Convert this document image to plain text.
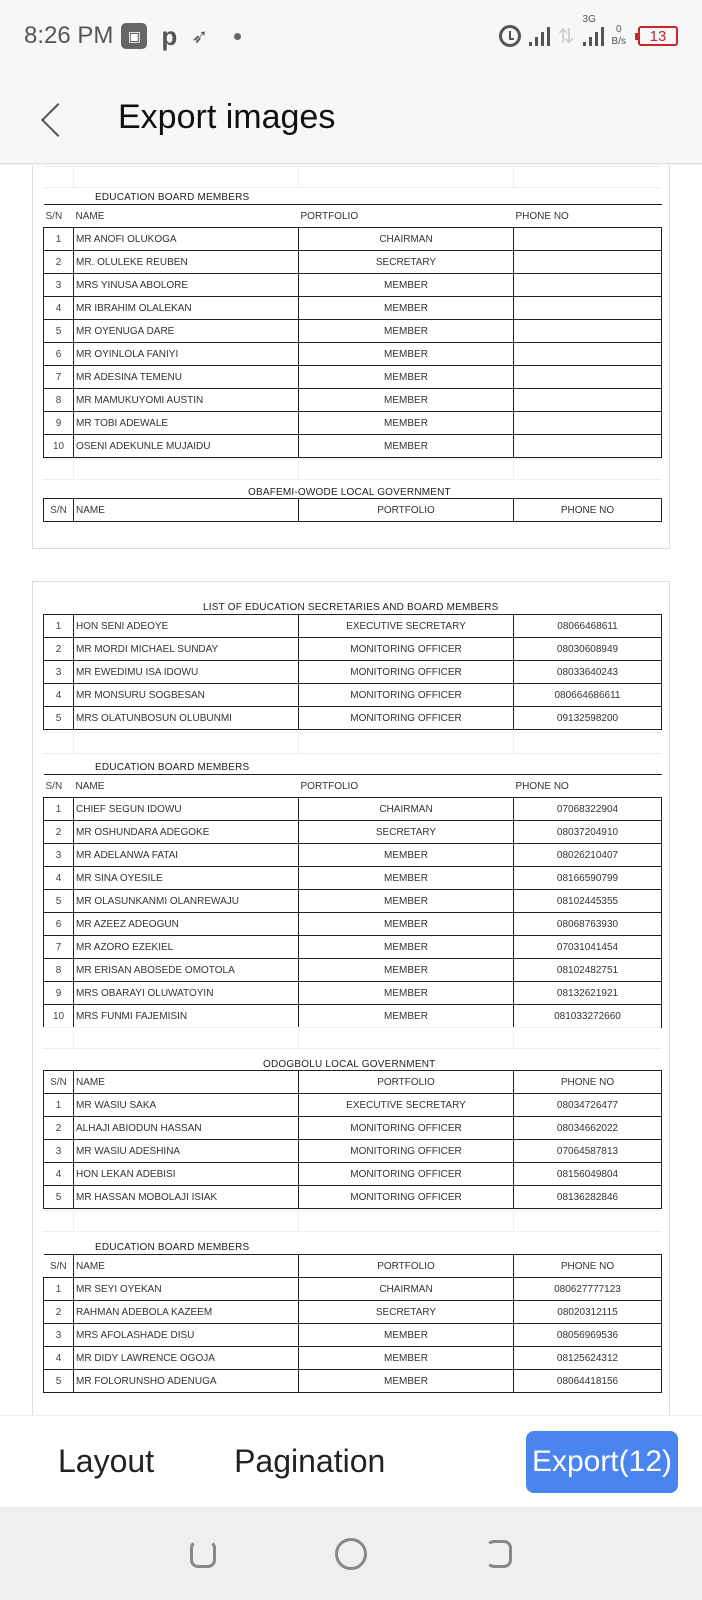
8:26 PM	▣ p ➶	⇅
3G
0
B/s 13
Export images
EDUCATION BOARD MEMBERS
S/N	NAME	PORTFOLIO	PHONE NO
1	MR ANOFI OLUKOGA	CHAIRMAN	
2	MR. OLULEKE REUBEN	SECRETARY	
3	MRS YINUSA ABOLORE	MEMBER	
4	MR IBRAHIM OLALEKAN	MEMBER	
5	MR OYENUGA DARE	MEMBER	
6	MR OYINLOLA FANIYI	MEMBER	
7	MR ADESINA TEMENU	MEMBER	
8	MR MAMUKUYOMI AUSTIN	MEMBER	
9	MR TOBI ADEWALE	MEMBER	
10	OSENI ADEKUNLE MUJAIDU	MEMBER	
OBAFEMI-OWODE LOCAL GOVERNMENT
S/N	NAME	PORTFOLIO	PHONE NO
LIST OF EDUCATION SECRETARIES AND BOARD MEMBERS
1	HON SENI ADEOYE	EXECUTIVE SECRETARY	08066468611
2	MR MORDI MICHAEL SUNDAY	MONITORING OFFICER	08030608949
3	MR EWEDIMU ISA IDOWU	MONITORING OFFICER	08033640243
4	MR MONSURU SOGBESAN	MONITORING OFFICER	080664686611
5	MRS OLATUNBOSUN OLUBUNMI	MONITORING OFFICER	09132598200
EDUCATION BOARD MEMBERS
S/N	NAME	PORTFOLIO	PHONE NO
1	CHIEF SEGUN IDOWU	CHAIRMAN	07068322904
2	MR OSHUNDARA ADEGOKE	SECRETARY	08037204910
3	MR ADELANWA FATAI	MEMBER	08026210407
4	MR SINA OYESILE	MEMBER	08166590799
5	MR OLASUNKANMI OLANREWAJU	MEMBER	08102445355
6	MR AZEEZ ADEOGUN	MEMBER	08068763930
7	MR AZORO EZEKIEL	MEMBER	07031041454
8	MR ERISAN ABOSEDE OMOTOLA	MEMBER	08102482751
9	MRS OBARAYI OLUWATOYIN	MEMBER	08132621921
10	MRS FUNMI FAJEMISIN	MEMBER	081033272660
ODOGBOLU LOCAL GOVERNMENT
S/N	NAME	PORTFOLIO	PHONE NO
1	MR WASIU SAKA	EXECUTIVE SECRETARY	08034726477
2	ALHAJI ABIODUN HASSAN	MONITORING OFFICER	08034662022
3	MR WASIU ADESHINA	MONITORING OFFICER	07064587813
4	HON LEKAN ADEBISI	MONITORING OFFICER	08156049804
5	MR HASSAN MOBOLAJI ISIAK	MONITORING OFFICER	08136282846
EDUCATION BOARD MEMBERS
S/N	NAME	PORTFOLIO	PHONE NO
1	MR SEYI OYEKAN	CHAIRMAN	080627777123
2	RAHMAN ADEBOLA KAZEEM	SECRETARY	08020312115
3	MRS AFOLASHADE DISU	MEMBER	08056969536
4	MR DIDY LAWRENCE OGOJA	MEMBER	08125624312
5	MR FOLORUNSHO ADENUGA	MEMBER	08064418156
Layout	Pagination	Export(12)
